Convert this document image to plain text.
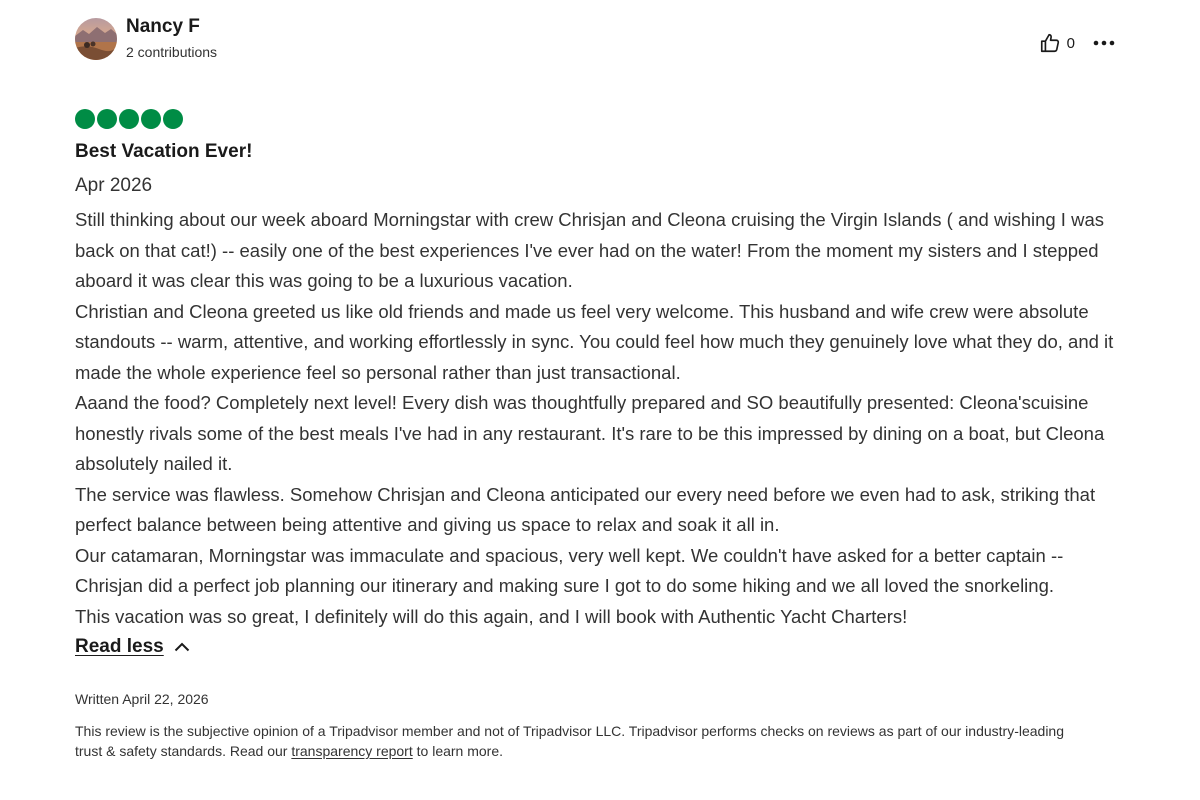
Nancy F
2 contributions
0
Best Vacation Ever!
Apr 2026

Still thinking about our week aboard Morningstar with crew Chrisjan and Cleona cruising the Virgin Islands ( and wishing I was back on that cat!) -- easily one of the best experiences I've ever had on the water! From the moment my sisters and I stepped aboard it was clear this was going to be a luxurious vacation.

Christian and Cleona greeted us like old friends and made us feel very welcome. This husband and wife crew were absolute standouts -- warm, attentive, and working effortlessly in sync. You could feel how much they genuinely love what they do, and it made the whole experience feel so personal rather than just transactional.

Aaand the food? Completely next level! Every dish was thoughtfully prepared and SO beautifully presented: Cleona'scuisine honestly rivals some of the best meals I've had in any restaurant. It's rare to be this impressed by dining on a boat, but Cleona absolutely nailed it.

The service was flawless. Somehow Chrisjan and Cleona anticipated our every need before we even had to ask, striking that perfect balance between being attentive and giving us space to relax and soak it all in.

Our catamaran, Morningstar was immaculate and spacious, very well kept. We couldn't have asked for a better captain -- Chrisjan did a perfect job planning our itinerary and making sure I got to do some hiking and we all loved the snorkeling.

This vacation was so great, I definitely will do this again, and I will book with Authentic Yacht Charters!

Read less
Written April 22, 2026
This review is the subjective opinion of a Tripadvisor member and not of Tripadvisor LLC. Tripadvisor performs checks on reviews as part of our industry-leading trust & safety standards. Read our transparency report to learn more.
